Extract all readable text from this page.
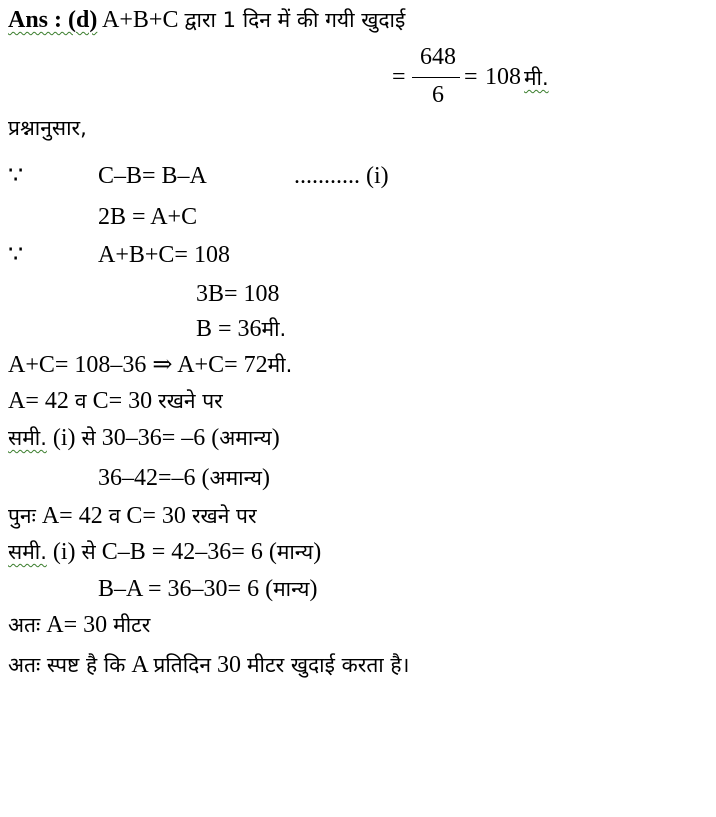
Ans : (d) A+B+C द्वारा 1 दिन में की गयी खुदाई
=
648
6
= 108 मी.
प्रश्नानुसार,
∵	C–B= B–A	........... (i)
2B = A+C
∵	A+B+C= 108
3B= 108
B = 36मी.
A+C= 108–36 ⇒ A+C= 72मी.
A= 42 व C= 30 रखने पर
समी. (i) से 30–36= –6 (अमान्य)
36–42=–6 (अमान्य)
पुनः A= 42 व C= 30 रखने पर
समी. (i) से C–B = 42–36= 6 (मान्य)
B–A = 36–30= 6 (मान्य)
अतः A= 30 मीटर
अतः स्पष्ट है कि A प्रतिदिन 30 मीटर खुदाई करता है।
